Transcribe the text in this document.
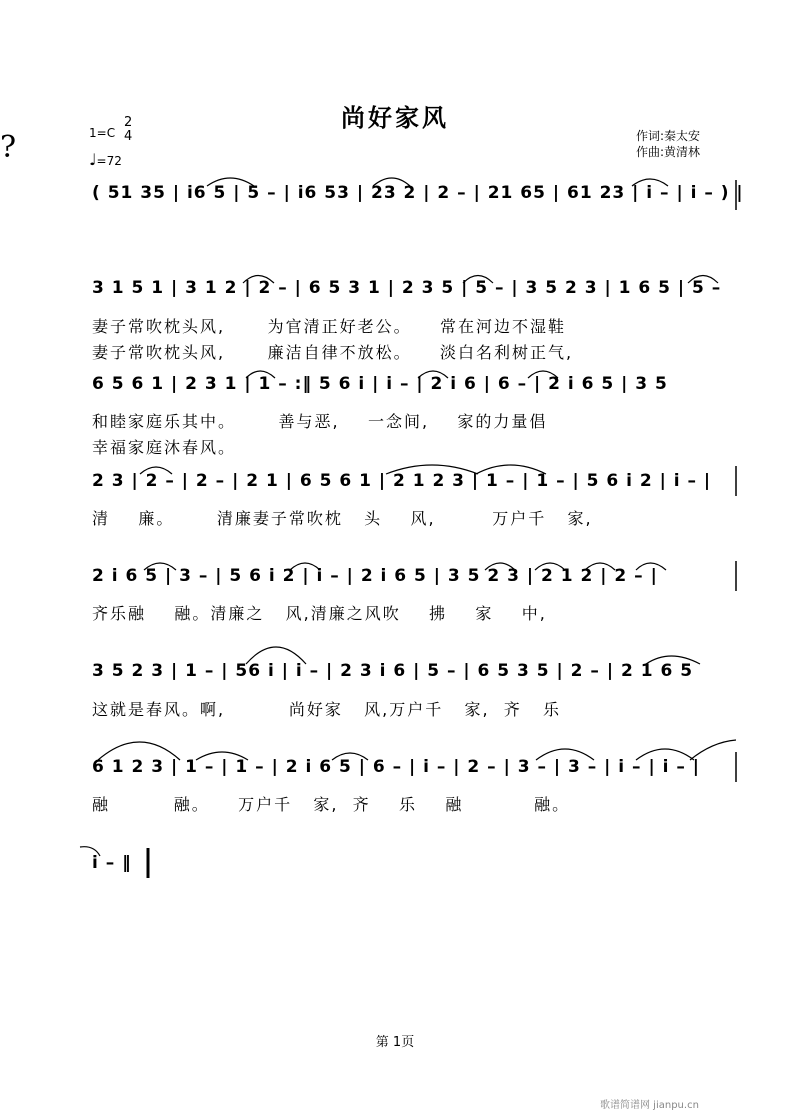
尚好家风
?	1=C
2
4
♩=72
作词:秦太安
作曲:黄清林
( 51 35 | i6 5 | 5 – | i6 53 | 23 2 | 2 – | 21 65 | 61 23 | i – | i – ) |
3 1 5 1 | 3 1 2 | 2 – | 6 5 3 1 | 2 3 5 | 5 – | 3 5 2 3 | 1 6 5 | 5 –
妻子常吹枕头风,      为官清正好老公。    常在河边不湿鞋
妻子常吹枕头风,      廉洁自律不放松。    淡白名利树正气,
6 5 6 1 | 2 3 1 | 1 – :‖ 5 6 i | i – | 2 i 6 | 6 – | 2 i 6 5 | 3 5
和睦家庭乐其中。      善与恶,    一念间,    家的力量倡
幸福家庭沐春风。
2 3 | 2 – | 2 – | 2 1 | 6 5 6 1 | 2 1 2 3 | 1 – | 1 – | 5 6 i 2 | i – |
清    廉。      清廉妻子常吹枕   头    风,        万户千   家,
2 i 6 5 | 3 – | 5 6 i 2 | i – | 2 i 6 5 | 3 5 2 3 | 2 1 2 | 2 – |
齐乐融    融。清廉之   风,清廉之风吹    拂    家    中,
3 5 2 3 | 1 – | 56 i | i – | 2 3 i 6 | 5 – | 6 5 3 5 | 2 – | 2 1 6 5
这就是春风。啊,         尚好家   风,万户千   家,  齐   乐
6 1 2 3 | 1 – | 1 – | 2 i 6 5 | 6 – | i – | 2 – | 3 – | 3 – | i – | i – |
融         融。    万户千   家,  齐    乐    融          融。
i – ‖
第 1页
歌谱简谱网 jianpu.cn
